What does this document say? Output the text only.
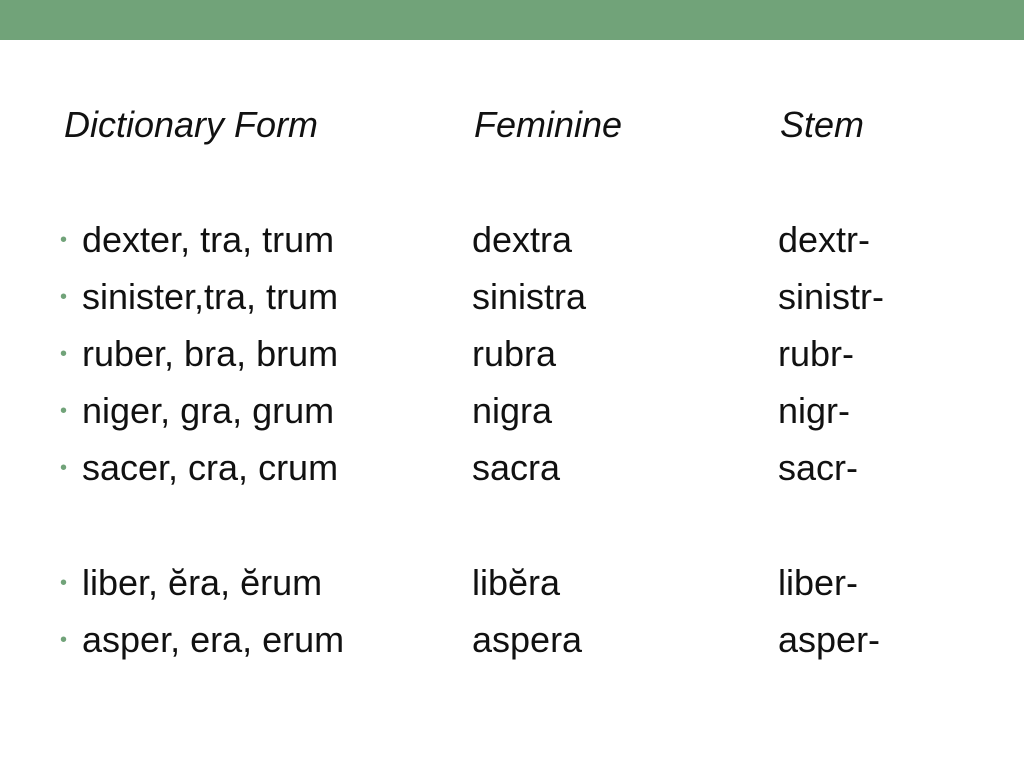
Dictionary Form	Feminine	Stem
• dexter, tra, trum	dextra	dextr-
• sinister,tra, trum	sinistra	sinistr-
• ruber, bra, brum	rubra	rubr-
• niger, gra, grum	nigra	nigr-
• sacer, cra, crum	sacra	sacr-
• liber, ĕra, ĕrum	libĕra	liber-
• asper, era, erum	aspera	asper-
